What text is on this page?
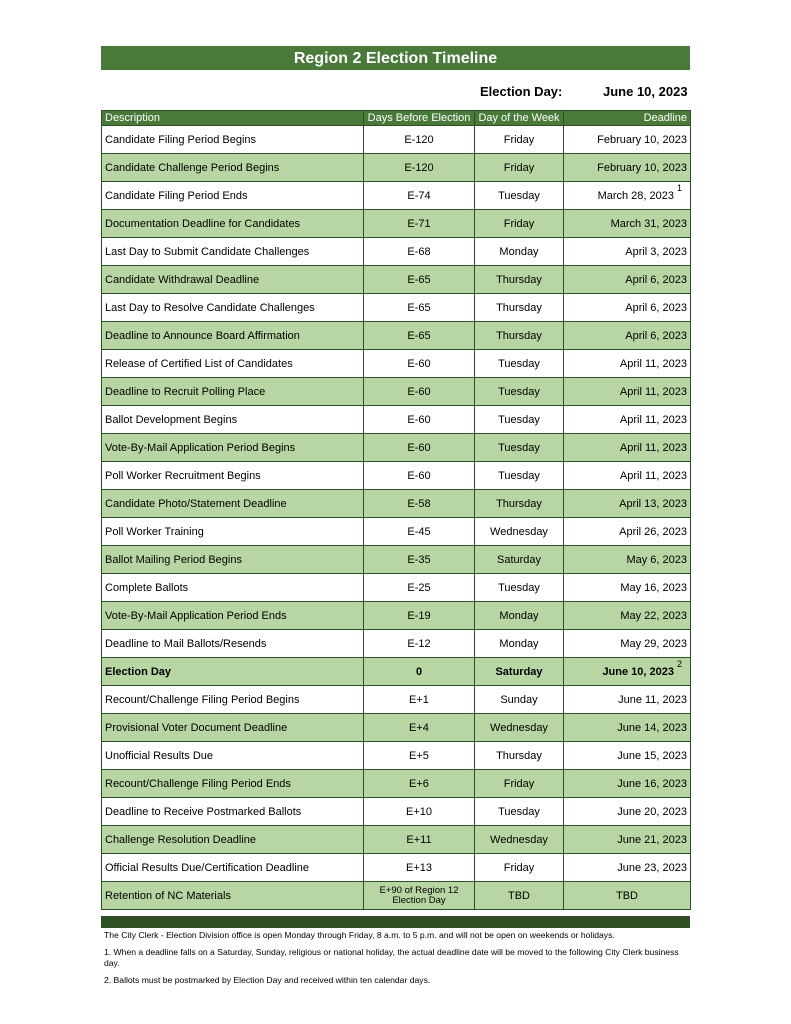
Region 2 Election Timeline
Election Day:	June 10, 2023
Description	Days Before Election	Day of the Week	Deadline
Candidate Filing Period Begins	E-120	Friday	February 10, 2023
Candidate Challenge Period Begins	E-120	Friday	February 10, 2023
Candidate Filing Period Ends	E-74	Tuesday	March 28, 2023
1

Documentation Deadline for Candidates	E-71	Friday	March 31, 2023
Last Day to Submit Candidate Challenges	E-68	Monday	April 3, 2023
Candidate Withdrawal Deadline	E-65	Thursday	April 6, 2023
Last Day to Resolve Candidate Challenges	E-65	Thursday	April 6, 2023
Deadline to Announce Board Affirmation	E-65	Thursday	April 6, 2023
Release of Certified List of Candidates	E-60	Tuesday	April 11, 2023
Deadline to Recruit Polling Place	E-60	Tuesday	April 11, 2023
Ballot Development Begins	E-60	Tuesday	April 11, 2023
Vote-By-Mail Application Period Begins	E-60	Tuesday	April 11, 2023
Poll Worker Recruitment Begins	E-60	Tuesday	April 11, 2023
Candidate Photo/Statement Deadline	E-58	Thursday	April 13, 2023
Poll Worker Training	E-45	Wednesday	April 26, 2023
Ballot Mailing Period Begins	E-35	Saturday	May 6, 2023
Complete Ballots	E-25	Tuesday	May 16, 2023
Vote-By-Mail Application Period Ends	E-19	Monday	May 22, 2023
Deadline to Mail Ballots/Resends	E-12	Monday	May 29, 2023
Election Day	0	Saturday	June 10, 2023
2

Recount/Challenge Filing Period Begins	E+1	Sunday	June 11, 2023
Provisional Voter Document Deadline	E+4	Wednesday	June 14, 2023
Unofficial Results Due	E+5	Thursday	June 15, 2023
Recount/Challenge Filing Period Ends	E+6	Friday	June 16, 2023
Deadline to Receive Postmarked Ballots	E+10	Tuesday	June 20, 2023
Challenge Resolution Deadline	E+11	Wednesday	June 21, 2023
Official Results Due/Certification Deadline	E+13	Friday	June 23, 2023
Retention of NC Materials	E+90 of Region 12 Election Day	TBD	TBD

The City Clerk - Election Division office is open Monday through Friday, 8 a.m. to 5 p.m. and will not be open on weekends or holidays.

1. When a deadline falls on a Saturday, Sunday, religious or national holiday, the actual deadline date will be moved to the following City Clerk business day.

2. Ballots must be postmarked by Election Day and received within ten calendar days.
